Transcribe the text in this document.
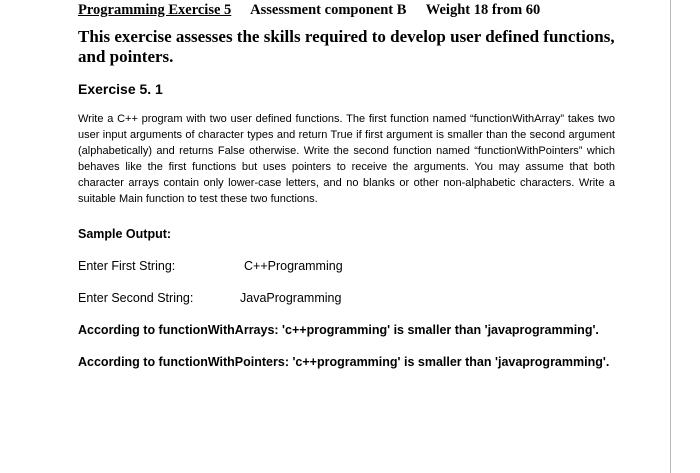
Programming Exercise 5 Assessment component B Weight 18 from 60
This exercise assesses the skills required to develop user defined functions, and pointers.
Exercise 5. 1
Write a C++ program with two user defined functions. The first function named “functionWithArray” takes two user input arguments of character types and return True if first argument is smaller than the second argument (alphabetically) and returns False otherwise. Write the second function named “functionWithPointers” which behaves like the first functions but uses pointers to receive the arguments. You may assume that both character arrays contain only lower-case letters, and no blanks or other non-alphabetic characters. Write a suitable Main function to test these two functions.
Sample Output:
Enter First String:	C++Programming
Enter Second String:	JavaProgramming
According to functionWithArrays: 'c++programming' is smaller than 'javaprogramming'.
According to functionWithPointers: 'c++programming' is smaller than 'javaprogramming'.
